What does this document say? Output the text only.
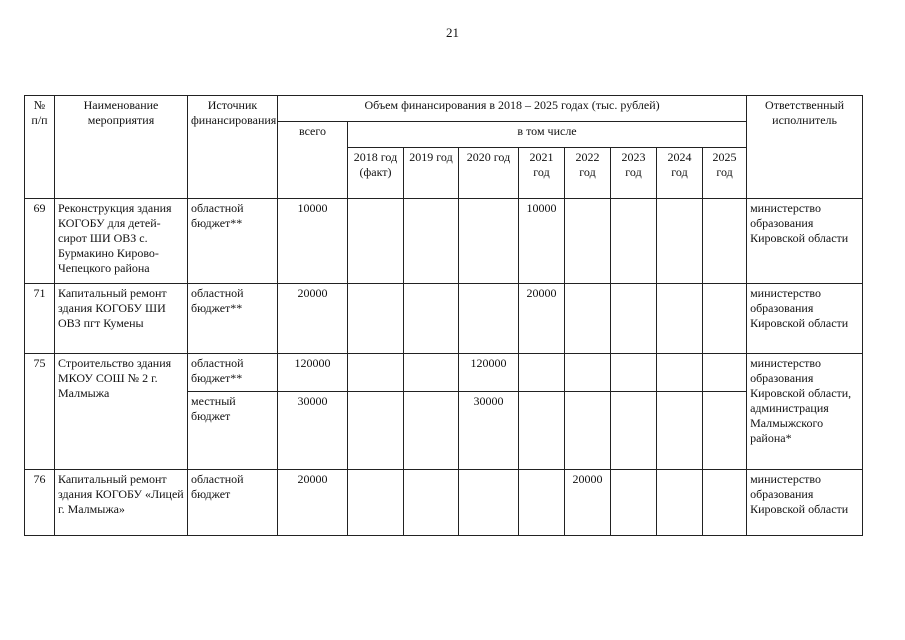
21
№ п/п	Наименование мероприятия	Источник финансирования	Объем финансирования в 2018 – 2025 годах (тыс. рублей)									Ответственный исполнитель
			всего	в том числе								
				2018 год (факт)	2019 год	2020 год	2021 год	2022 год	2023 год	2024 год	2025 год	
69	Реконструкция здания КОГОБУ для детей-сирот ШИ ОВЗ с. Бурмакино Кирово-Чепецкого района	областной бюджет**	10000				10000					министерство образования Кировской области
71	Капитальный ремонт здания КОГОБУ ШИ ОВЗ пгт Кумены	областной бюджет**	20000				20000					министерство образования Кировской области
75	Строительство здания МКОУ СОШ № 2 г. Малмыжа	областной бюджет**	120000			120000						министерство образования Кировской области, администрация Малмыжского района*
		местный бюджет	30000			30000						
76	Капитальный ремонт здания КОГОБУ «Лицей г. Малмыжа»	областной бюджет	20000					20000				министерство образования Кировской области
